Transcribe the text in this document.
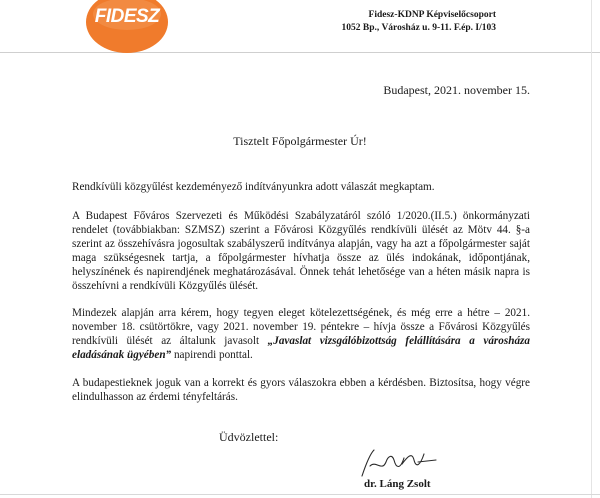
FIDESZ	Fidesz-KDNP Képviselőcsoport
1052 Bp., Városház u. 9-11. F.ép. I/103
Budapest, 2021. november 15.
Tisztelt Főpolgármester Úr!
Rendkívüli közgyűlést kezdeményező indítványunkra adott válaszát megkaptam.
A Budapest Főváros Szervezeti és Működési Szabályzatáról szóló 1/2020.(II.5.) önkormányzati rendelet (továbbiakban: SZMSZ) szerint a Fővárosi Közgyűlés rendkívüli ülését az Mötv 44. §-a szerint az összehívásra jogosultak szabályszerű indítványa alapján, vagy ha azt a főpolgármester saját maga szükségesnek tartja, a főpolgármester hívhatja össze az ülés indokának, időpontjának, helyszínének és napirendjének meghatározásával. Önnek tehát lehetősége van a héten másik napra is összehívni a rendkívüli Közgyűlés ülését.
Mindezek alapján arra kérem, hogy tegyen eleget kötelezettségének, és még erre a hétre – 2021. november 18. csütörtökre, vagy 2021. november 19. péntekre – hívja össze a Fővárosi Közgyűlés rendkívüli ülését az általunk javasolt „Javaslat vizsgálóbizottság felállítására a városháza eladásának ügyében” napirendi ponttal.
A budapestieknek joguk van a korrekt és gyors válaszokra ebben a kérdésben. Biztosítsa, hogy végre elindulhasson az érdemi tényfeltárás.
Üdvözlettel:
dr. Láng Zsolt
